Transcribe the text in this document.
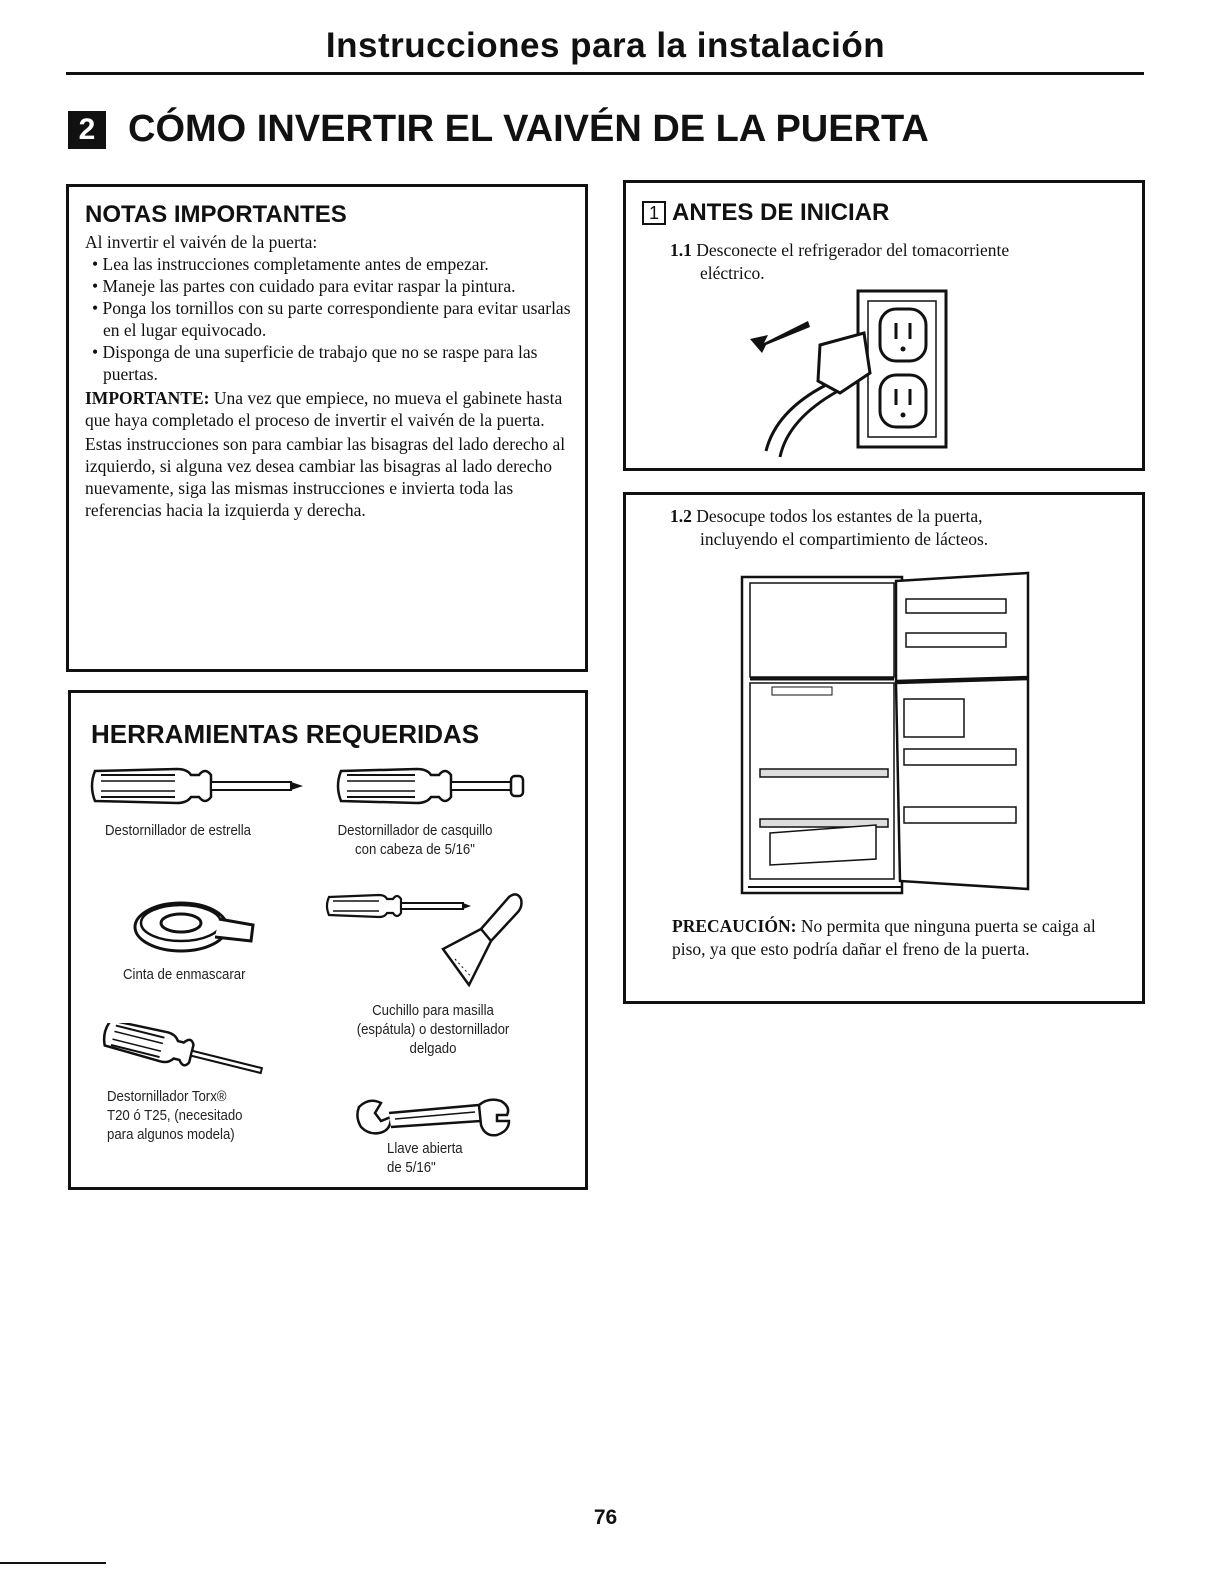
Instrucciones para la instalación
2 CÓMO INVERTIR EL VAIVÉN DE LA PUERTA
NOTAS IMPORTANTES
Al invertir el vaivén de la puerta:
• Lea las instrucciones completamente antes de empezar.
• Maneje las partes con cuidado para evitar raspar la pintura.
• Ponga los tornillos con su parte correspondiente para evitar usarlas en el lugar equivocado.
• Disponga de una superficie de trabajo que no se raspe para las puertas.

IMPORTANTE: Una vez que empiece, no mueva el gabinete hasta que haya completado el proceso de invertir el vaivén de la puerta.

Estas instrucciones son para cambiar las bisagras del lado derecho al izquierdo, si alguna vez desea cambiar las bisagras al lado derecho nuevamente, siga las mismas instrucciones e invierta toda las referencias hacia la izquierda y derecha.

HERRAMIENTAS REQUERIDAS
Destornillador de estrella	Destornillador de casquillo
con cabeza de 5/16"
Cinta de enmascarar
Cuchillo para masilla
(espátula) o destornillador
delgado
Destornillador Torx®
T20 ó T25, (necesitado
para algunos modela)
Llave abierta
de 5/16"
1 ANTES DE INICIAR
1.1 Desconecte el refrigerador del tomacorriente
eléctrico.
1.2 Desocupe todos los estantes de la puerta,
incluyendo el compartimiento de lácteos.
PRECAUCIÓN: No permita que ninguna puerta se caiga al piso, ya que esto podría dañar el freno de la puerta.
76
